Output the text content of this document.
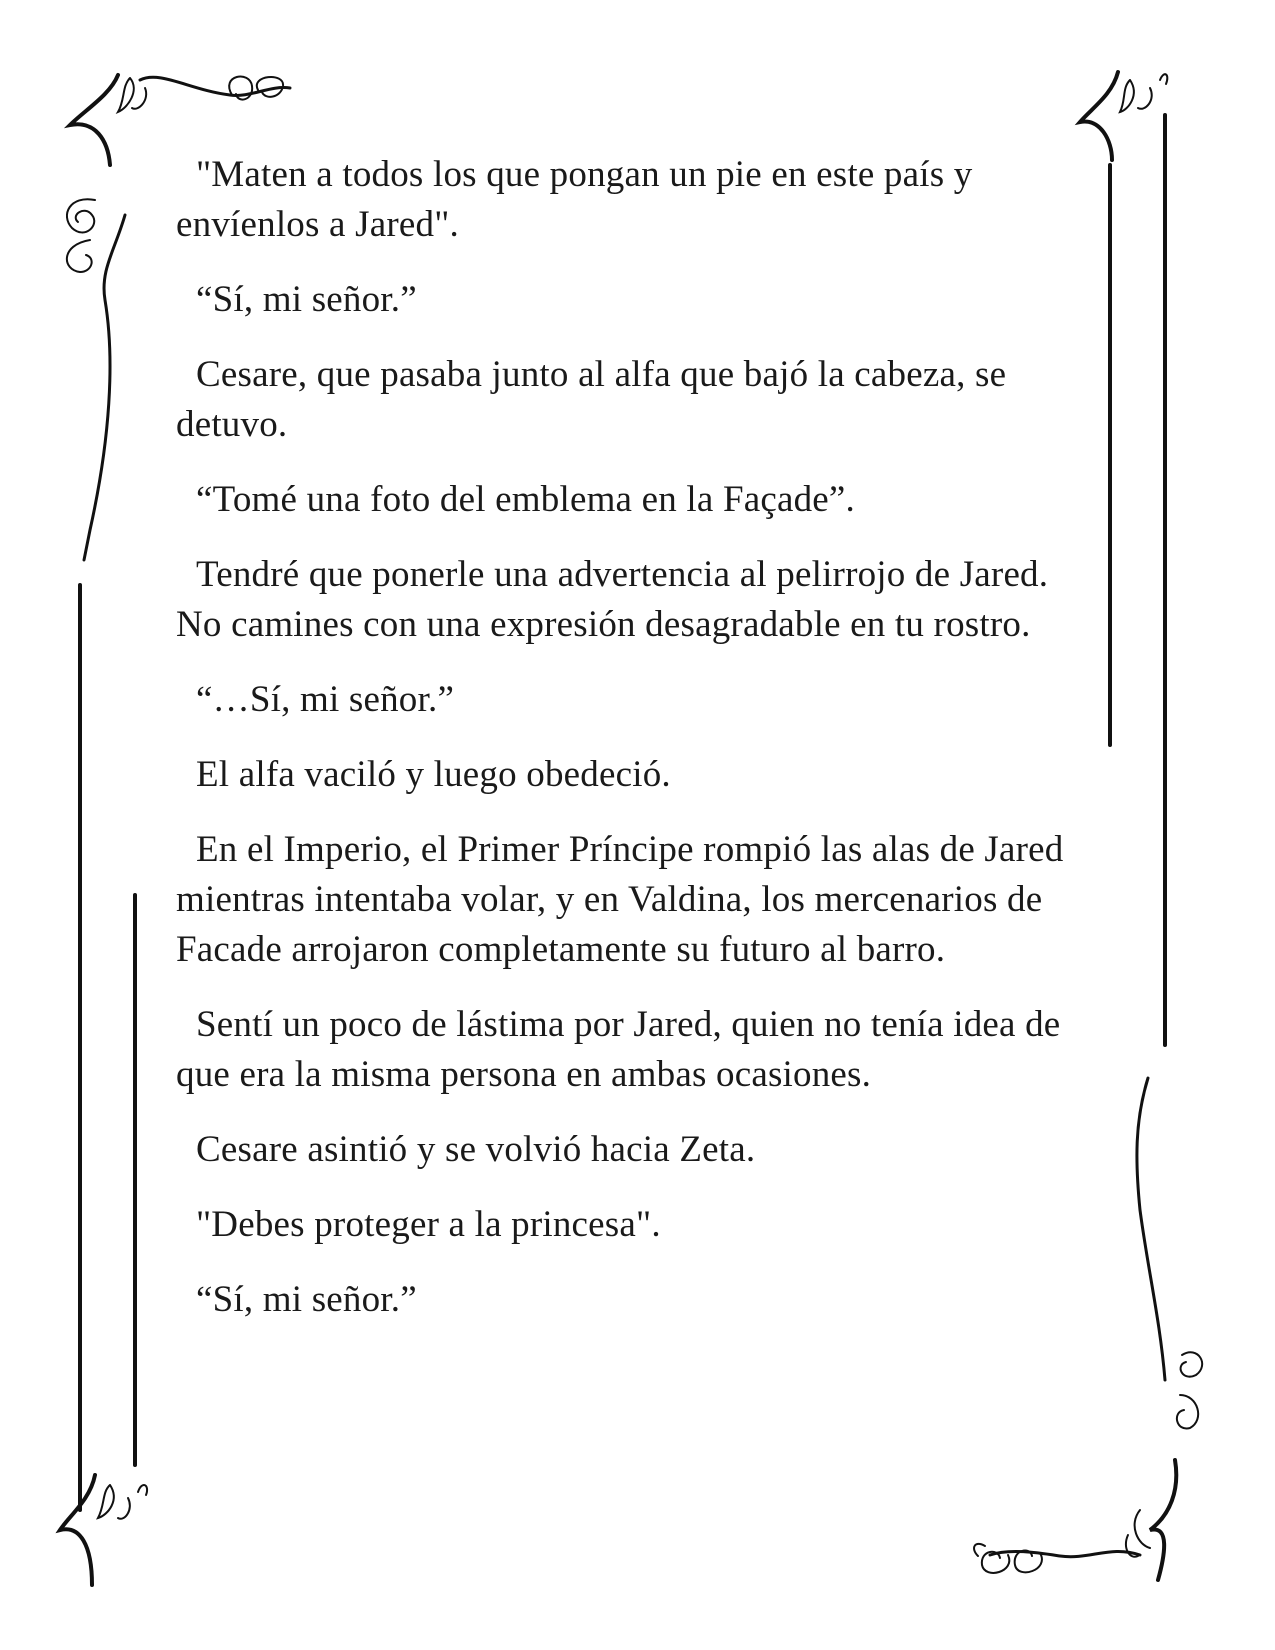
"Maten a todos los que pongan un pie en este país y envíenlos a Jared".

“Sí, mi señor.”

Cesare, que pasaba junto al alfa que bajó la cabeza, se detuvo.

“Tomé una foto del emblema en la Façade”.

Tendré que ponerle una advertencia al pelirrojo de Jared. No camines con una expresión desagradable en tu rostro.

“…Sí, mi señor.”

El alfa vaciló y luego obedeció.

En el Imperio, el Primer Príncipe rompió las alas de Jared mientras intentaba volar, y en Valdina, los mercenarios de Facade arrojaron completamente su futuro al barro.

Sentí un poco de lástima por Jared, quien no tenía idea de que era la misma persona en ambas ocasiones.

Cesare asintió y se volvió hacia Zeta.

"Debes proteger a la princesa".

“Sí, mi señor.”
